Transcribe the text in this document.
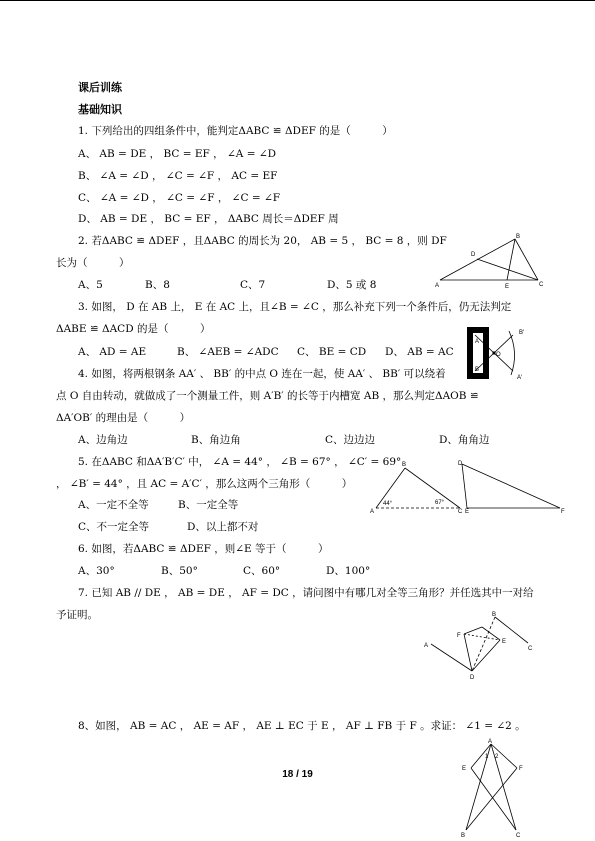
课后训练
基础知识
1. 下列给出的四组条件中，能判定ΔABC ≌ ΔDEF 的是（　　　）
A、 AB = DE ， BC = EF ， ∠A = ∠D
B、 ∠A = ∠D ， ∠C = ∠F ， AC = EF
C、 ∠A = ∠D ， ∠C = ∠F ， ∠C = ∠F
D、 AB = DE ， BC = EF ， ΔABC 周长＝ΔDEF 周
2. 若ΔABC ≌ ΔDEF ，且ΔABC 的周长为 20， AB = 5 ， BC = 8 ，则 DF
长为（　　　）
A、5	B、8	C、7	D、5 或 8
B
D
A	E	C
3. 如图， D 在 AB 上， E 在 AC 上，且∠B = ∠C ，那么补充下列一个条件后，仍无法判定
ΔABE ≌ ΔACD 的是（　　　）
A、 AD = AE	B、 ∠AEB = ∠ADC C、 BE = CD D、 AB = AC
A
B
O
B′
A′
4. 如图，将两根钢条 AA′ 、 BB′ 的中点 O 连在一起，使 AA′ 、 BB′ 可以绕着
点 O 自由转动，就做成了一个测量工件，则 A′B′ 的长等于内槽宽 AB ，那么判定ΔAOB ≌
ΔA′OB′ 的理由是（　　　）
A、边角边	B、角边角	C、边边边	D、角角边
5. 在ΔABC 和ΔA′B′C′ 中， ∠A = 44° ， ∠B = 67° ， ∠C′ = 69°
， ∠B′ = 44° ，且 AC = A′C′ ，那么这两个三角形（　　　）
A、一定不全等	B、一定全等
C、不一定全等	D、以上都不对
B
A
44°	67°
C E
D
F
6. 如图，若ΔABC ≌ ΔDEF ，则∠E 等于（　　　）
A、30°	B、50°	C、60°	D、100°
7. 已知 AB // DE ， AB = DE ， AF = DC ，请问图中有哪几对全等三角形？并任选其中一对给
予证明。
A
F
B
E
C
D
8、如图， AB = AC ， AE = AF ， AE ⊥ EC 于 E ， AF ⊥ FB 于 F 。求证： ∠1 = ∠2 。
A
E	F
1 2
B	C
18 / 19
